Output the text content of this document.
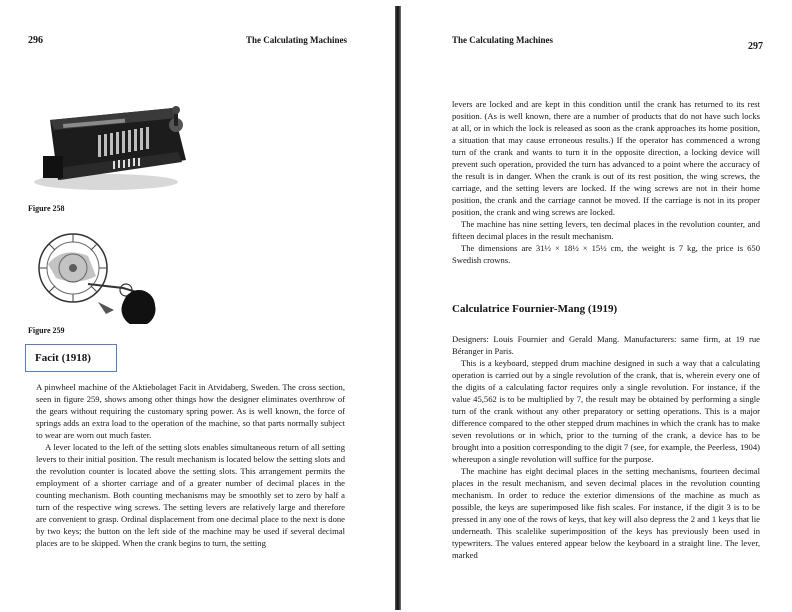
296	The Calculating Machines
Figure 258
Figure 259
Facit (1918)

A pinwheel machine of the Aktiebolaget Facit in Atvidaberg, Sweden. The cross section, seen in figure 259, shows among other things how the designer eliminates overthrow of the gears without requiring the customary spring power. As is well known, the force of springs adds an extra load to the operation of the machine, so that parts normally subject to wear are worn out much faster.

A lever located to the left of the setting slots enables simultaneous return of all setting levers to their initial position. The result mechanism is located below the setting slots and the revolution counter is located above the setting slots. This arrangement permits the employment of a shorter carriage and of a greater number of decimal places in the counting mechanism. Both counting mechanisms may be smoothly set to zero by half a turn of the respective wing screws. The setting levers are relatively large and therefore are convenient to grasp. Ordinal displacement from one decimal place to the next is done by two keys; the button on the left side of the machine may be used if several decimal places are to be skipped. When the crank begins to turn, the setting

The Calculating Machines
297

levers are locked and are kept in this condition until the crank has returned to its rest position. (As is well known, there are a number of products that do not have such locks at all, or in which the lock is released as soon as the crank approaches its home position, a situation that may cause erroneous results.) If the operator has commenced a wrong turn of the crank and wants to turn it in the opposite direction, a locking device will prevent such operation, provided the turn has advanced to a point where the accuracy of the result is in danger. When the crank is out of its rest position, the wing screws, the carriage, and the setting levers are locked. If the wing screws are not in their home position, the crank and the carriage cannot be moved. If the carriage is not in its proper position, the crank and wing screws are locked.

The machine has nine setting levers, ten decimal places in the revolution counter, and fifteen decimal places in the result mechanism.

The dimensions are 31½ × 18½ × 15½ cm, the weight is 7 kg, the price is 650 Swedish crowns.

Calculatrice Fournier-Mang (1919)

Designers: Louis Fournier and Gerald Mang. Manufacturers: same firm, at 19 rue Béranger in Paris.

This is a keyboard, stepped drum machine designed in such a way that a calculating operation is carried out by a single revolution of the crank, that is, wherein every one of the digits of a calculating factor requires only a single revolution. For instance, if the value 45,562 is to be multiplied by 7, the result may be obtained by performing a single turn of the crank without any other preparatory or setting operations. This is a major difference compared to the other stepped drum machines in which the crank has to make seven revolutions or in which, prior to the turning of the crank, a device has to be brought into a position corresponding to the digit 7 (see, for example, the Peerless, 1904) whereupon a single revolution will suffice for the purpose.

The machine has eight decimal places in the setting mechanisms, fourteen decimal places in the result mechanism, and seven decimal places in the revolution counting mechanism. In order to reduce the exterior dimensions of the machine as much as possible, the keys are superimposed like fish scales. For instance, if the digit 3 is to be pressed in any one of the rows of keys, that key will also depress the 2 and 1 keys that lie underneath. This scalelike superimposition of the keys has previously been used in typewriters. The values entered appear below the keyboard in a straight line. The lever, marked
